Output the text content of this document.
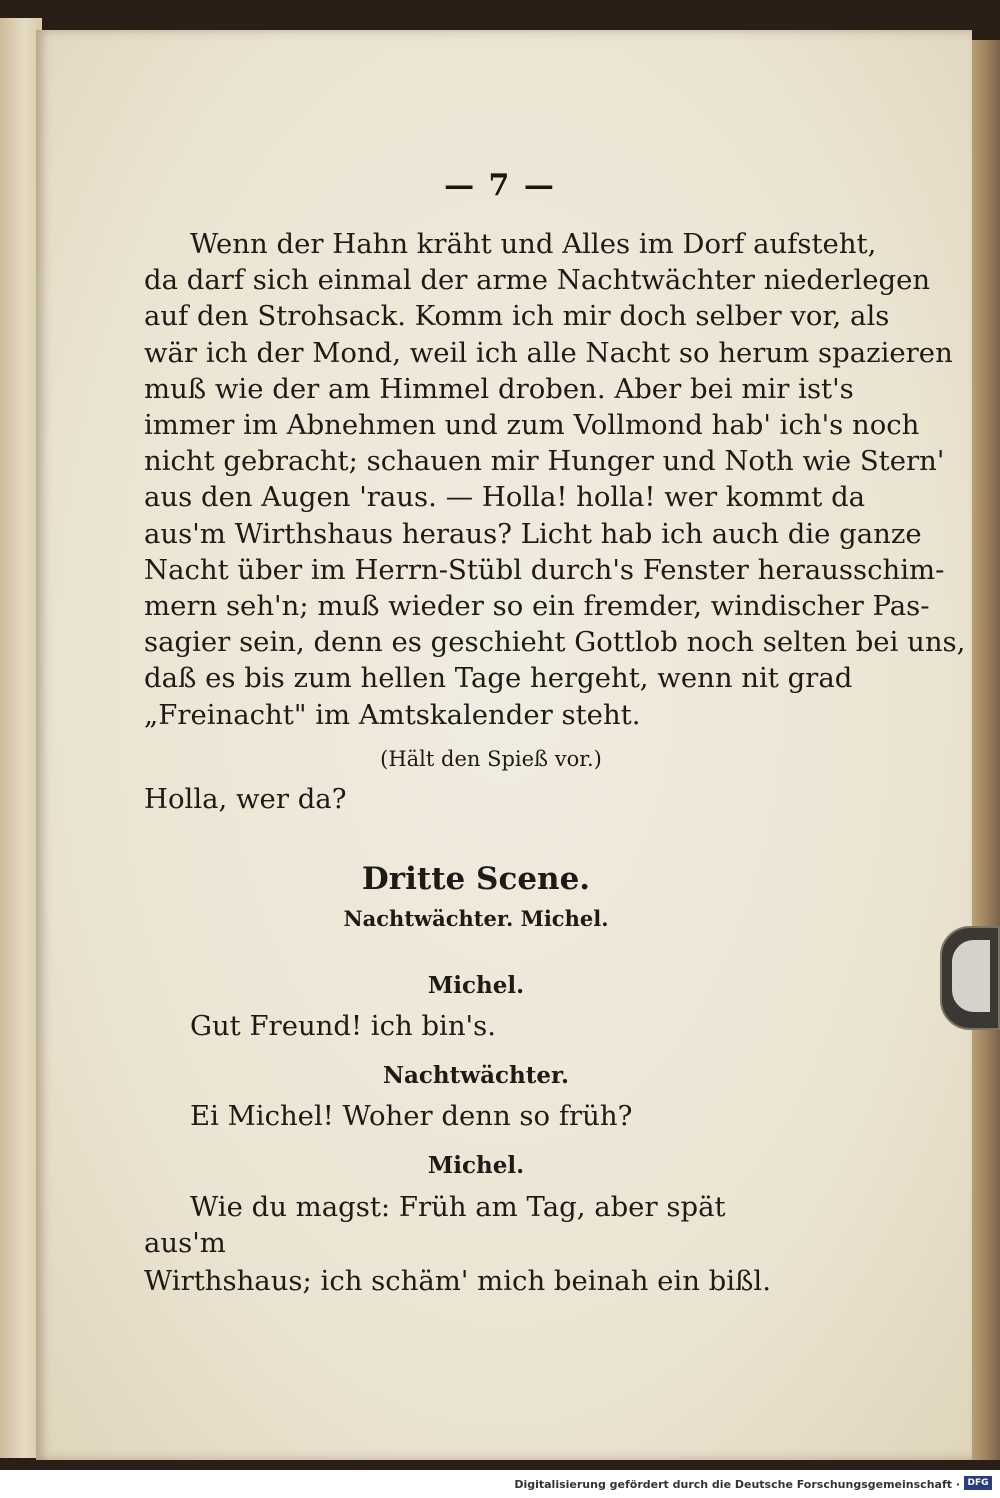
— 7 —

Wenn der Hahn kräht und Alles im Dorf aufsteht,
da darf sich einmal der arme Nachtwächter niederlegen
auf den Strohsack. Komm ich mir doch selber vor, als
wär ich der Mond, weil ich alle Nacht so herum spazieren
muß wie der am Himmel droben. Aber bei mir ist's
immer im Abnehmen und zum Vollmond hab' ich's noch
nicht gebracht; schauen mir Hunger und Noth wie Stern'
aus den Augen 'raus. — Holla! holla! wer kommt da
aus'm Wirthshaus heraus? Licht hab ich auch die ganze
Nacht über im Herrn-Stübl durch's Fenster herausschim-
mern seh'n; muß wieder so ein fremder, windischer Pas-
sagier sein, denn es geschieht Gottlob noch selten bei uns,
daß es bis zum hellen Tage hergeht, wenn nit grad
„Freinacht" im Amtskalender steht.

(Hält den Spieß vor.)

Holla, wer da?

Dritte Scene.
Nachtwächter. Michel.
Michel.

Gut Freund! ich bin's.

Nachtwächter.

Ei Michel! Woher denn so früh?

Michel.

Wie du magst: Früh am Tag, aber spät aus'm

Wirthshaus; ich schäm' mich beinah ein bißl.

Digitalisierung gefördert durch die Deutsche Forschungsgemeinschaft · DFG
